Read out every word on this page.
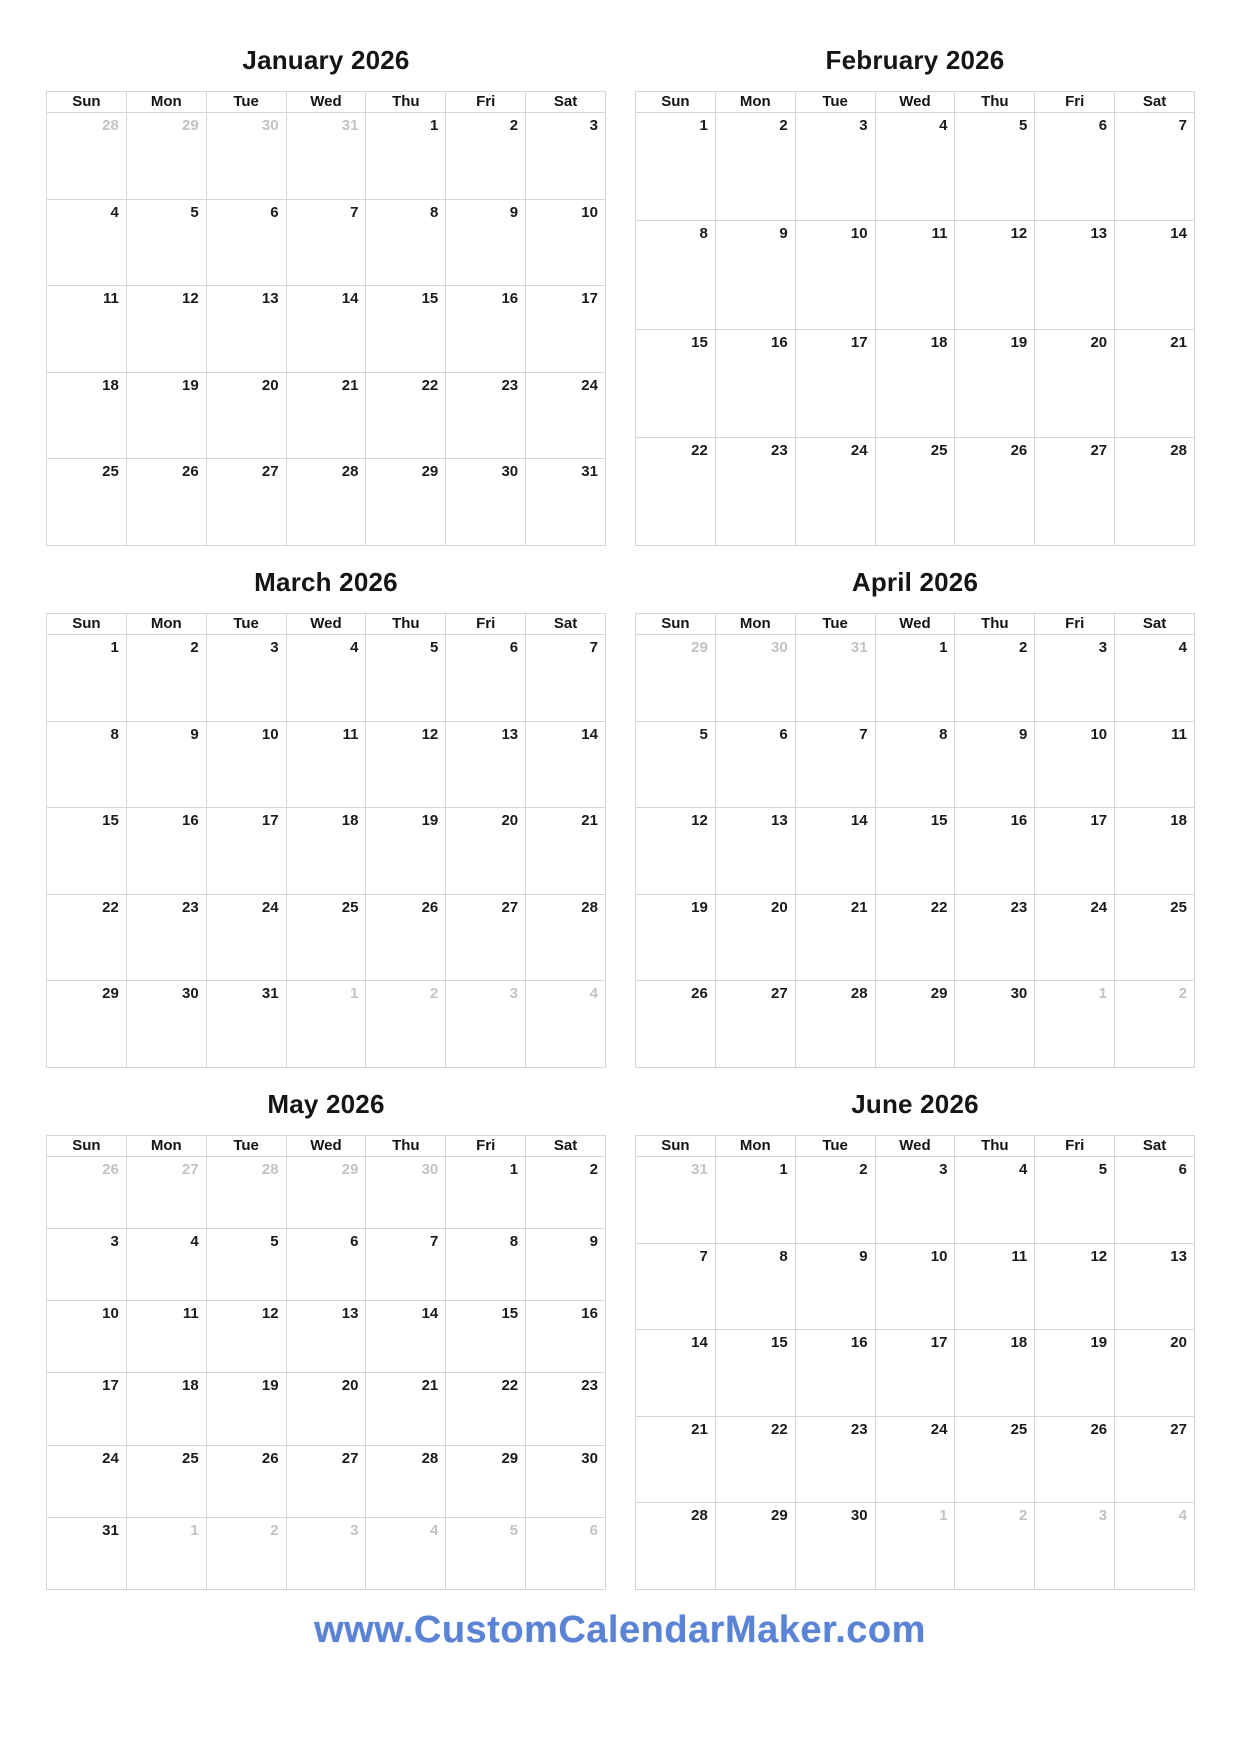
January 2026
Sun	Mon	Tue	Wed	Thu	Fri	Sat
28	29	30	31	1	2	3
4	5	6	7	8	9	10
11	12	13	14	15	16	17
18	19	20	21	22	23	24
25	26	27	28	29	30	31
February 2026
Sun	Mon	Tue	Wed	Thu	Fri	Sat
1	2	3	4	5	6	7
8	9	10	11	12	13	14
15	16	17	18	19	20	21
22	23	24	25	26	27	28
March 2026
Sun	Mon	Tue	Wed	Thu	Fri	Sat
1	2	3	4	5	6	7
8	9	10	11	12	13	14
15	16	17	18	19	20	21
22	23	24	25	26	27	28
29	30	31	1	2	3	4
April 2026
Sun	Mon	Tue	Wed	Thu	Fri	Sat
29	30	31	1	2	3	4
5	6	7	8	9	10	11
12	13	14	15	16	17	18
19	20	21	22	23	24	25
26	27	28	29	30	1	2
May 2026
Sun	Mon	Tue	Wed	Thu	Fri	Sat
26	27	28	29	30	1	2
3	4	5	6	7	8	9
10	11	12	13	14	15	16
17	18	19	20	21	22	23
24	25	26	27	28	29	30
31	1	2	3	4	5	6
June 2026
Sun	Mon	Tue	Wed	Thu	Fri	Sat
31	1	2	3	4	5	6
7	8	9	10	11	12	13
14	15	16	17	18	19	20
21	22	23	24	25	26	27
28	29	30	1	2	3	4
www.CustomCalendarMaker.com
